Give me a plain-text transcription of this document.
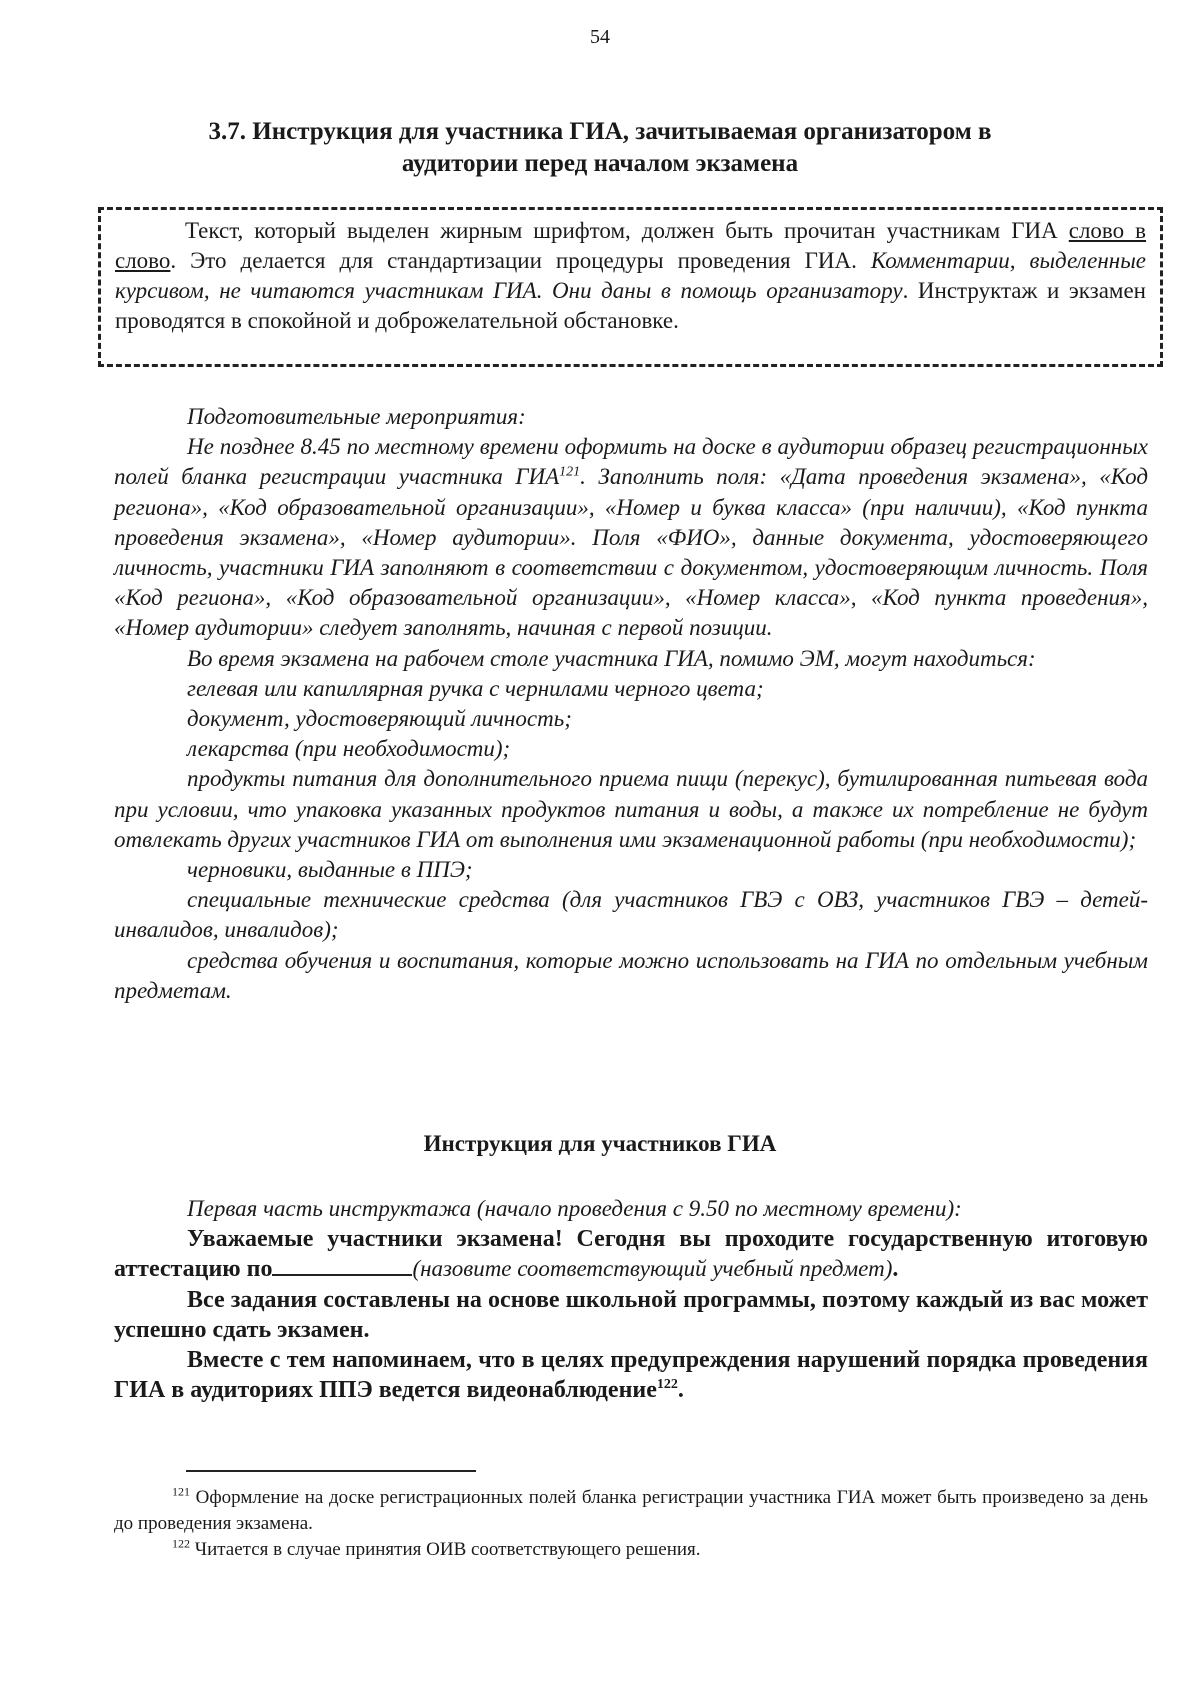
54
3.7. Инструкция для участника ГИА, зачитываемая организатором в аудитории перед началом экзамена

Текст, который выделен жирным шрифтом, должен быть прочитан участникам ГИА слово в слово. Это делается для стандартизации процедуры проведения ГИА. Комментарии, выделенные курсивом, не читаются участникам ГИА. Они даны в помощь организатору. Инструктаж и экзамен проводятся в спокойной и доброжелательной обстановке.

Подготовительные мероприятия:

Не позднее 8.45 по местному времени оформить на доске в аудитории образец регистрационных полей бланка регистрации участника ГИА$^{121}$. Заполнить поля: «Дата проведения экзамена», «Код региона», «Код образовательной организации», «Номер и буква класса» (при наличии), «Код пункта проведения экзамена», «Номер аудитории». Поля «ФИО», данные документа, удостоверяющего личность, участники ГИА заполняют в соответствии с документом, удостоверяющим личность. Поля «Код региона», «Код образовательной организации», «Номер класса», «Код пункта проведения», «Номер аудитории» следует заполнять, начиная с первой позиции.

Во время экзамена на рабочем столе участника ГИА, помимо ЭМ, могут находиться:

гелевая или капиллярная ручка с чернилами черного цвета;

документ, удостоверяющий личность;

лекарства (при необходимости);

продукты питания для дополнительного приема пищи (перекус), бутилированная питьевая вода при условии, что упаковка указанных продуктов питания и воды, а также их потребление не будут отвлекать других участников ГИА от выполнения ими экзаменационной работы (при необходимости);

черновики, выданные в ППЭ;

специальные технические средства (для участников ГВЭ с ОВЗ, участников ГВЭ – детей-инвалидов, инвалидов);

средства обучения и воспитания, которые можно использовать на ГИА по отдельным учебным предметам.

Инструкция для участников ГИА

Первая часть инструктажа (начало проведения с 9.50 по местному времени):

Уважаемые участники экзамена! Сегодня вы проходите государственную итоговую аттестацию по	(назовите соответствующий учебный предмет).

Все задания составлены на основе школьной программы, поэтому каждый из вас может успешно сдать экзамен.

Вместе с тем напоминаем, что в целях предупреждения нарушений порядка проведения ГИА в аудиториях ППЭ ведется видеонаблюдение$^{122}$.

$^{121}$ Оформление на доске регистрационных полей бланка регистрации участника ГИА может быть произведено за день до проведения экзамена.

$^{122}$ Читается в случае принятия ОИВ соответствующего решения.
